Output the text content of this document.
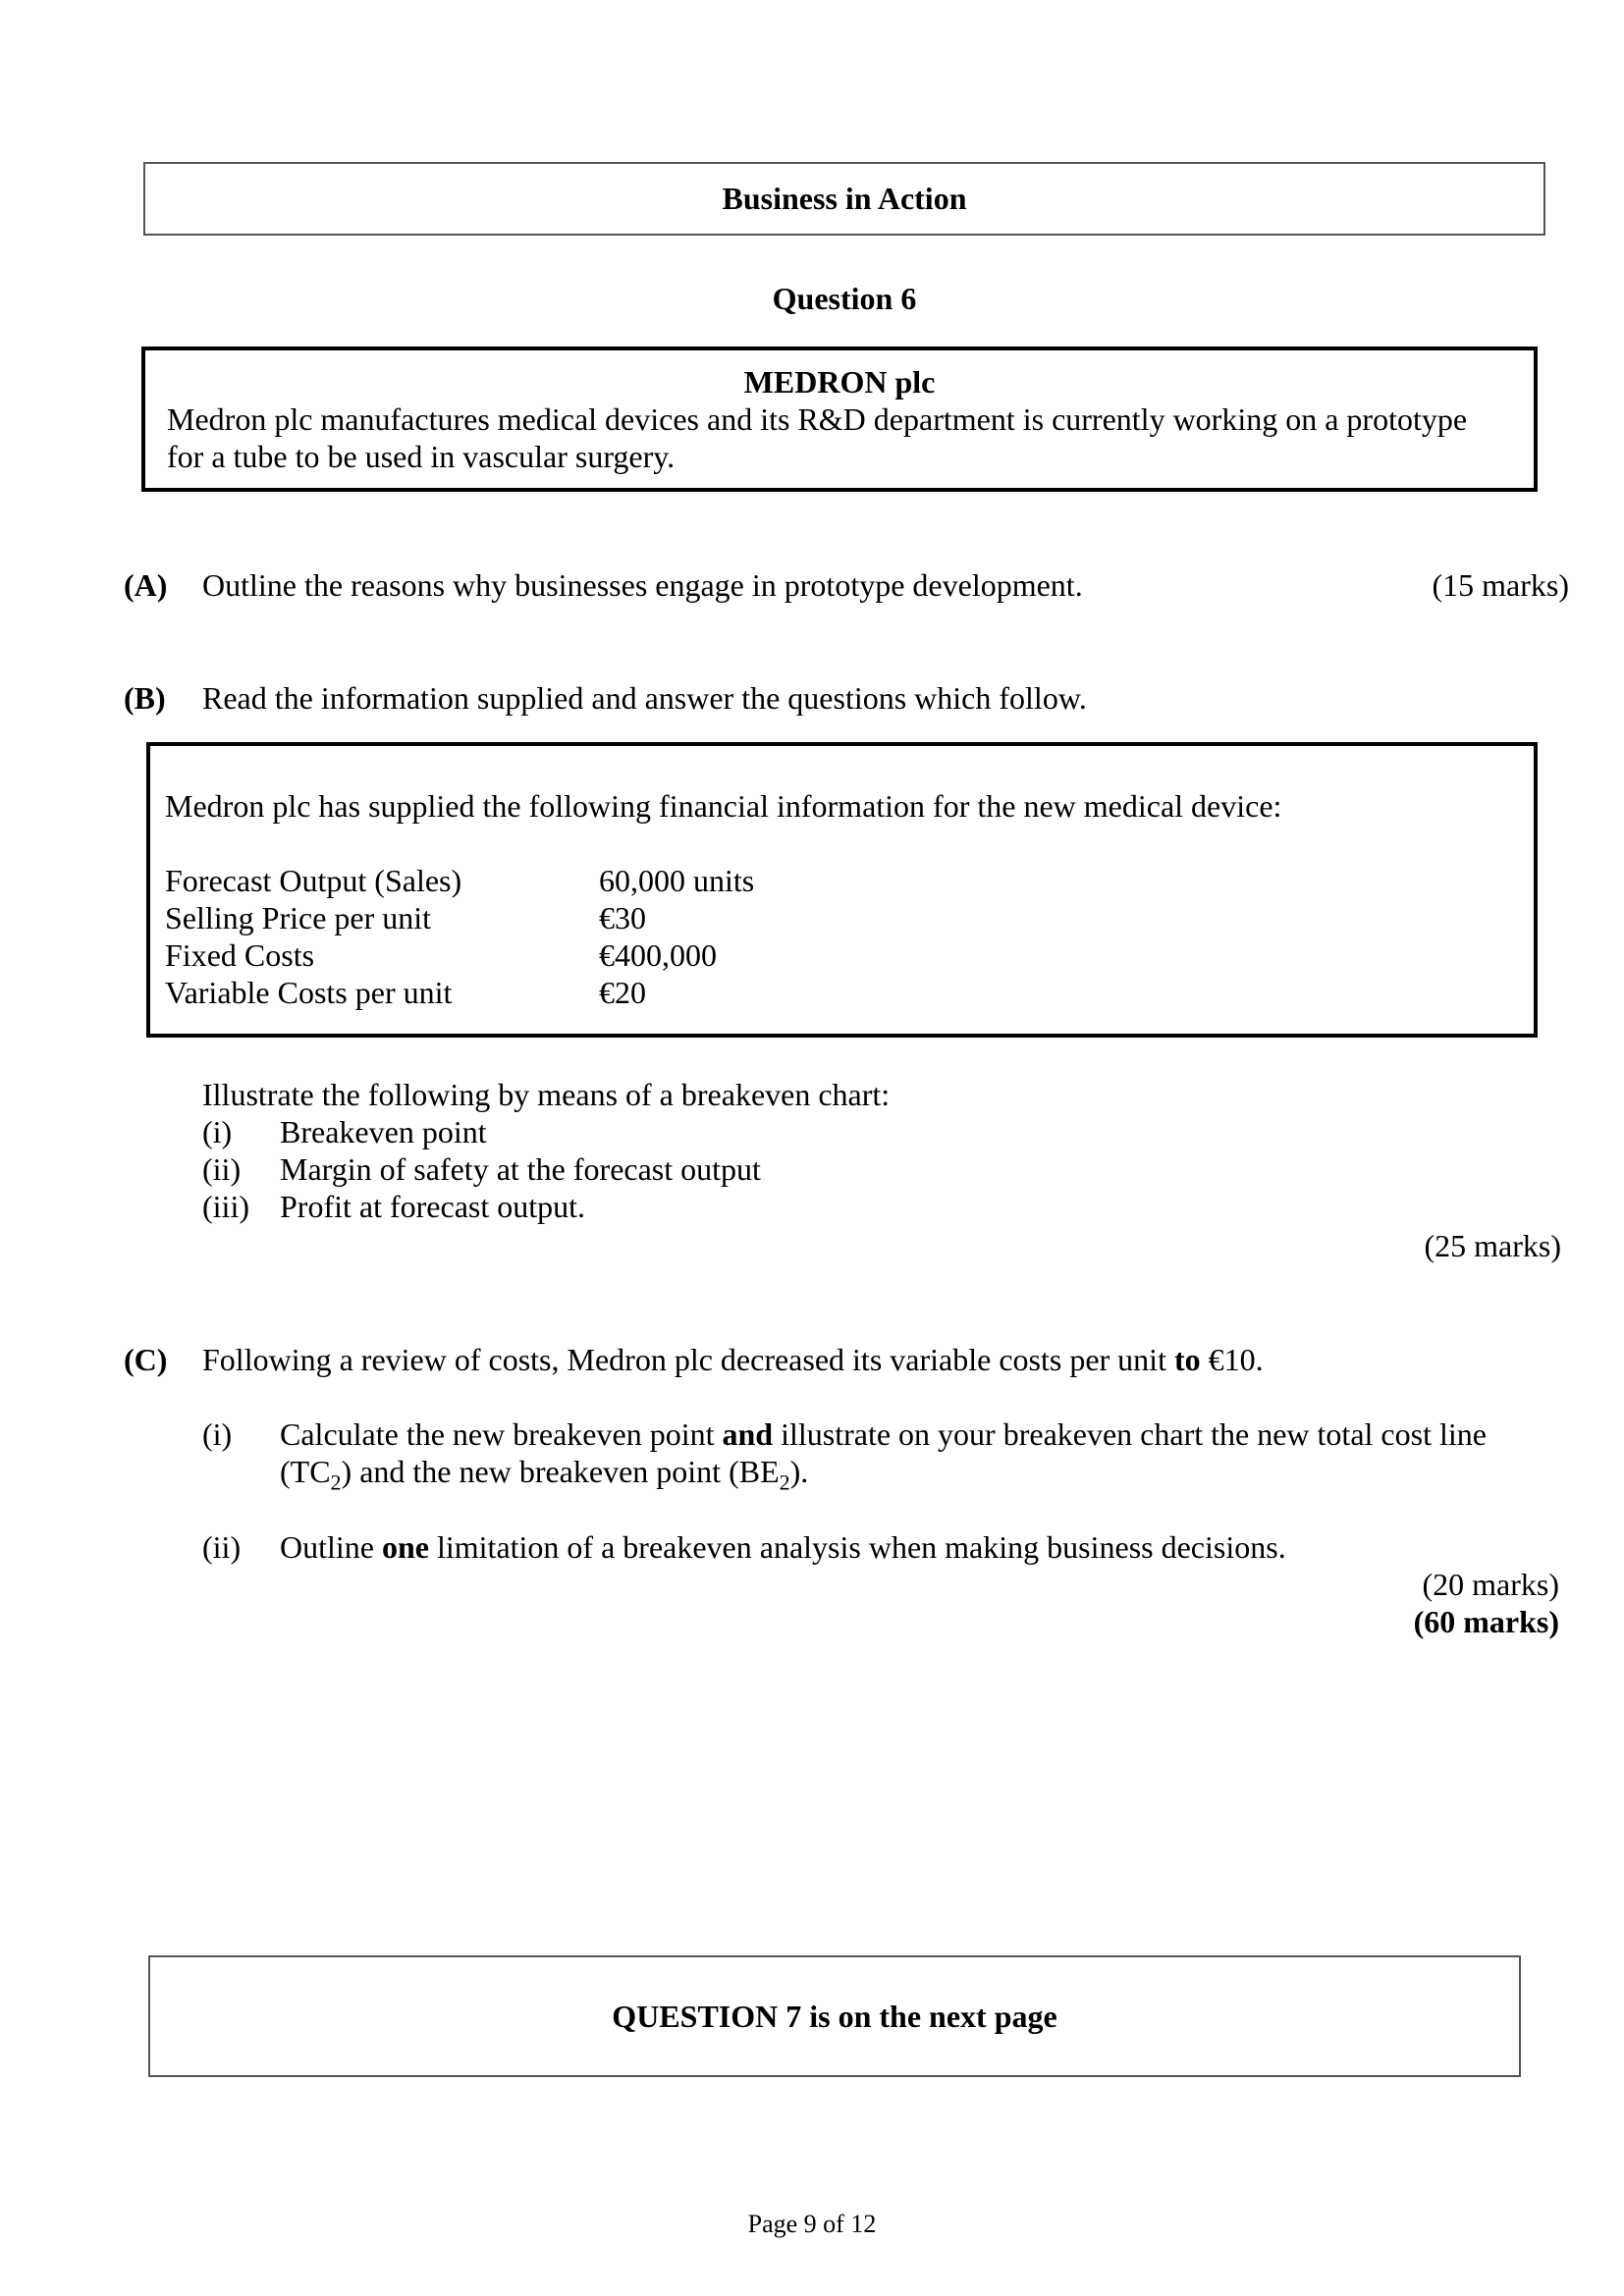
Business in Action
Question 6
MEDRON plc
Medron plc manufactures medical devices and its R&D department is currently working on a prototype
for a tube to be used in vascular surgery.
(A) Outline the reasons why businesses engage in prototype development.	(15 marks)
(B) Read the information supplied and answer the questions which follow.
Medron plc has supplied the following financial information for the new medical device:
Forecast Output (Sales)	60,000 units
Selling Price per unit	€30
Fixed Costs	€400,000
Variable Costs per unit	€20
Illustrate the following by means of a breakeven chart:
(i) Breakeven point
(ii) Margin of safety at the forecast output
(iii) Profit at forecast output.
(25 marks)
(C) Following a review of costs, Medron plc decreased its variable costs per unit to €10.
(i) Calculate the new breakeven point and illustrate on your breakeven chart the new total cost line
$(TC_2)$ and the new breakeven point $(BE_2)$.
(ii) Outline one limitation of a breakeven analysis when making business decisions.
(20 marks)
(60 marks)
QUESTION 7 is on the next page
Page 9 of 12
